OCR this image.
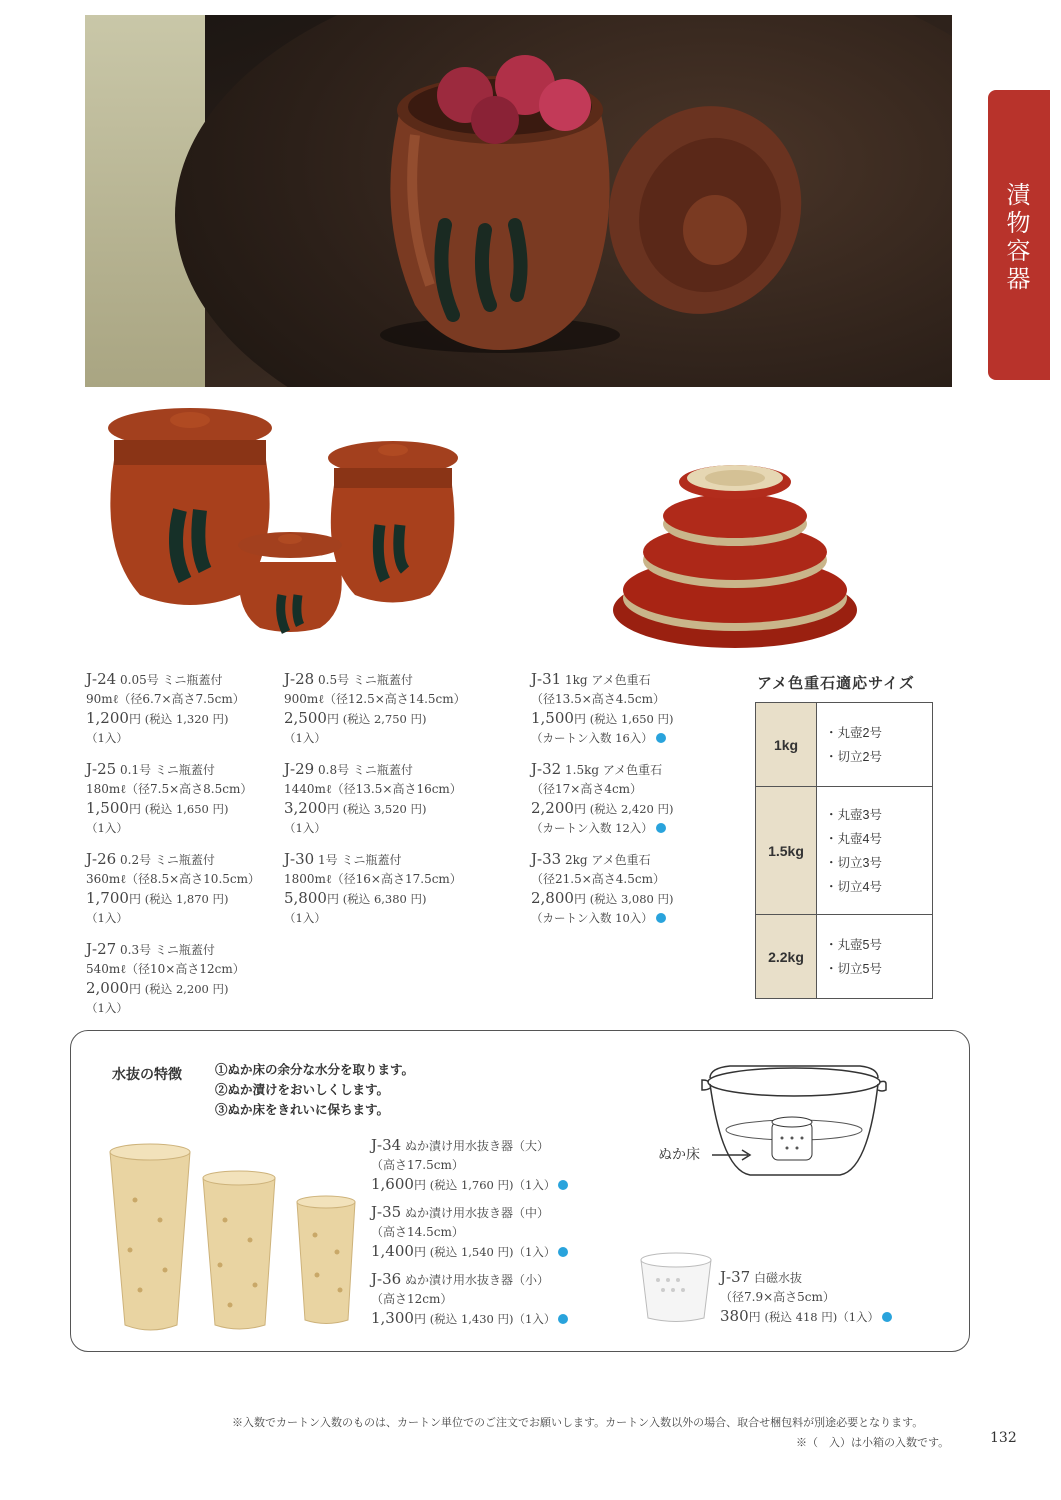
漬物容器
J-24 0.05号 ミニ瓶蓋付
90mℓ（径6.7×高さ7.5cm）
1,200円 (税込 1,320 円)
（1入）
J-25 0.1号 ミニ瓶蓋付
180mℓ（径7.5×高さ8.5cm）
1,500円 (税込 1,650 円)
（1入）
J-26 0.2号 ミニ瓶蓋付
360mℓ（径8.5×高さ10.5cm）
1,700円 (税込 1,870 円)
（1入）
J-27 0.3号 ミニ瓶蓋付
540mℓ（径10×高さ12cm）
2,000円 (税込 2,200 円)
（1入）
J-28 0.5号 ミニ瓶蓋付
900mℓ（径12.5×高さ14.5cm）
2,500円 (税込 2,750 円)
（1入）
J-29 0.8号 ミニ瓶蓋付
1440mℓ（径13.5×高さ16cm）
3,200円 (税込 3,520 円)
（1入）
J-30 1号 ミニ瓶蓋付
1800mℓ（径16×高さ17.5cm）
5,800円 (税込 6,380 円)
（1入）
J-31 1kg アメ色重石
（径13.5×高さ4.5cm）
1,500円 (税込 1,650 円)
（カートン入数 16入）
J-32 1.5kg アメ色重石
（径17×高さ4cm）
2,200円 (税込 2,420 円)
（カートン入数 12入）
J-33 2kg アメ色重石
（径21.5×高さ4.5cm）
2,800円 (税込 3,080 円)
（カートン入数 10入）
アメ色重石適応サイズ
1kg	・丸壺2号
・切立2号

1.5kg	・丸壺3号
・丸壺4号
・切立3号
・切立4号

2.2kg	・丸壺5号
・切立5号
水抜の特徴	①ぬか床の余分な水分を取ります。
②ぬか漬けをおいしくします。
③ぬか床をきれいに保ちます。
J-34 ぬか漬け用水抜き器（大）
（高さ17.5cm）
1,600円 (税込 1,760 円)（1入）
J-35 ぬか漬け用水抜き器（中）
（高さ14.5cm）
1,400円 (税込 1,540 円)（1入）
J-36 ぬか漬け用水抜き器（小）
（高さ12cm）
1,300円 (税込 1,430 円)（1入）
ぬか床
J-37 白磁水抜
（径7.9×高さ5cm）
380円 (税込 418 円)（1入）
※入数でカートン入数のものは、カートン単位でのご注文でお願いします。カートン入数以外の場合、取合せ梱包料が別途必要となります。
※（　入）は小箱の入数です。	132
